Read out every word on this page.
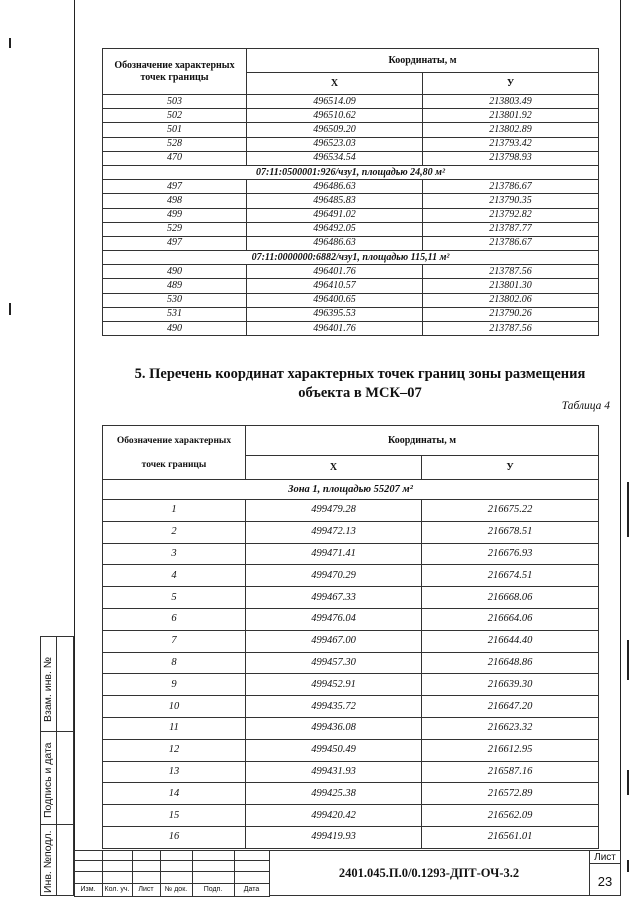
Обозначение характерных точек границы	Координаты, м	
	X	У
503	496514.09	213803.49
502	496510.62	213801.92
501	496509.20	213802.89
528	496523.03	213793.42
470	496534.54	213798.93
07:11:0500001:926/чзу1, площадью 24,80 м²		
497	496486.63	213786.67
498	496485.83	213790.35
499	496491.02	213792.82
529	496492.05	213787.77
497	496486.63	213786.67
07:11:0000000:6882/чзу1, площадью 115,11 м²		
490	496401.76	213787.56
489	496410.57	213801.30
530	496400.65	213802.06
531	496395.53	213790.26
490	496401.76	213787.56
5. Перечень координат характерных точек границ зоны размещения
объекта в МСК–07
Таблица 4
Обозначение характерных
точек границы	Координаты, м	
	X	У
Зона 1, площадью 55207 м²		
1	499479.28	216675.22
2	499472.13	216678.51
3	499471.41	216676.93
4	499470.29	216674.51
5	499467.33	216668.06
6	499476.04	216664.06
7	499467.00	216644.40
8	499457.30	216648.86
9	499452.91	216639.30
10	499435.72	216647.20
11	499436.08	216623.32
12	499450.49	216612.95
13	499431.93	216587.16
14	499425.38	216572.89
15	499420.42	216562.09
16	499419.93	216561.01
Взам. инв. №
Подпись и дата
Инв. №подл.	Изм.	Кол. уч.	Лист	№ док.	Подп.	Дата
2401.045.П.0/0.1293-ДПТ-ОЧ-3.2
Лист
23
